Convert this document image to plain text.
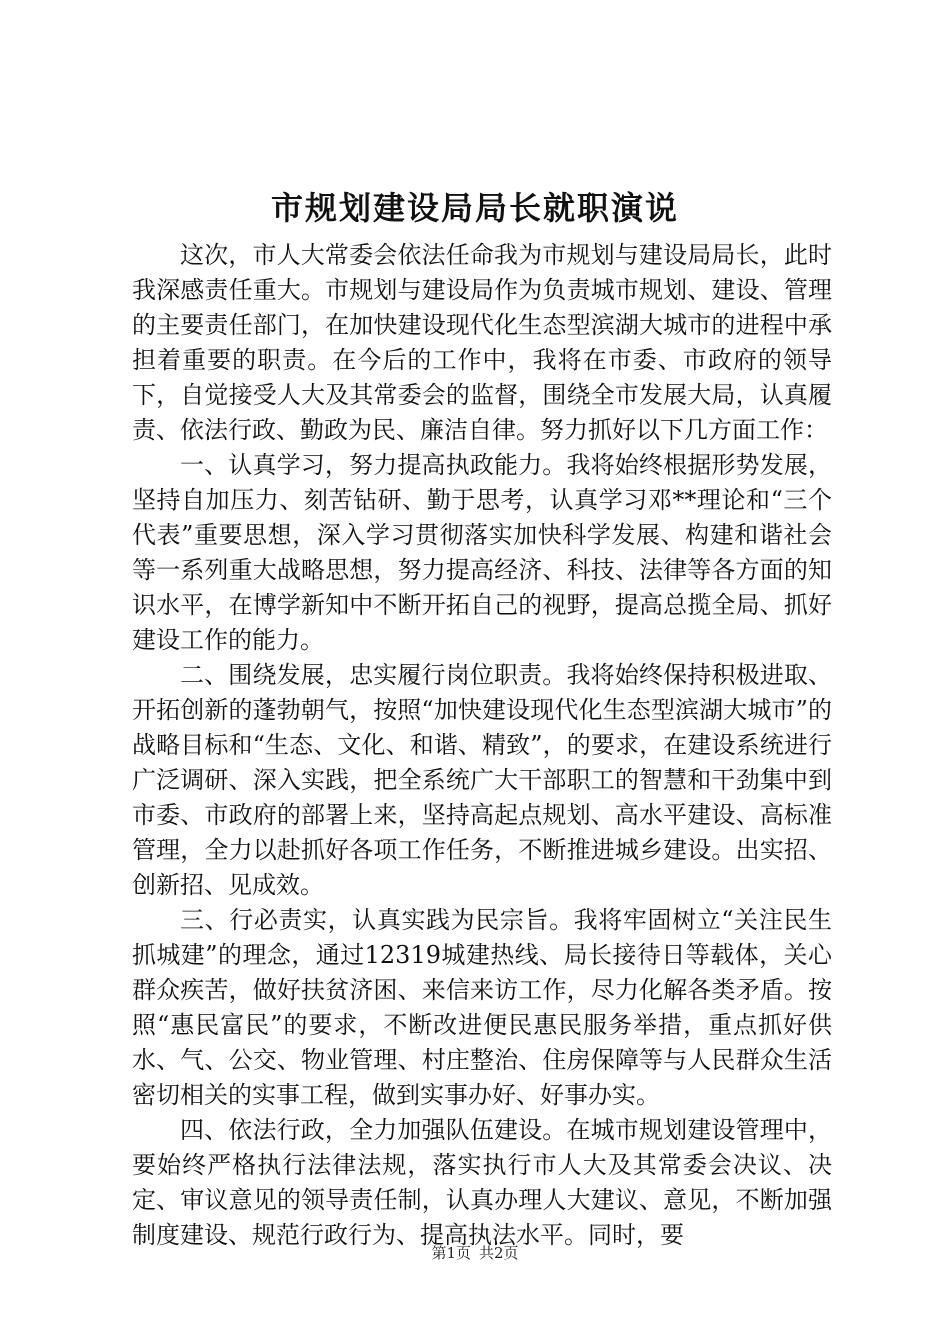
市规划建设局局长就职演说

这次，市人大常委会依法任命我为市规划与建设局局长，此时我深感责任重大。市规划与建设局作为负责城市规划、建设、管理的主要责任部门，在加快建设现代化生态型滨湖大城市的进程中承担着重要的职责。在今后的工作中，我将在市委、市政府的领导下，自觉接受人大及其常委会的监督，围绕全市发展大局，认真履责、依法行政、勤政为民、廉洁自律。努力抓好以下几方面工作：

一、认真学习，努力提高执政能力。我将始终根据形势发展，坚持自加压力、刻苦钻研、勤于思考，认真学习邓**理论和“三个代表”重要思想，深入学习贯彻落实加快科学发展、构建和谐社会等一系列重大战略思想，努力提高经济、科技、法律等各方面的知识水平，在博学新知中不断开拓自己的视野，提高总揽全局、抓好建设工作的能力。

二、围绕发展，忠实履行岗位职责。我将始终保持积极进取、开拓创新的蓬勃朝气，按照“加快建设现代化生态型滨湖大城市”的战略目标和“生态、文化、和谐、精致”，的要求，在建设系统进行广泛调研、深入实践，把全系统广大干部职工的智慧和干劲集中到市委、市政府的部署上来，坚持高起点规划、高水平建设、高标准管理，全力以赴抓好各项工作任务，不断推进城乡建设。出实招、创新招、见成效。

三、行必责实，认真实践为民宗旨。我将牢固树立“关注民生抓城建”的理念，通过12319城建热线、局长接待日等载体，关心群众疾苦，做好扶贫济困、来信来访工作，尽力化解各类矛盾。按照“惠民富民”的要求，不断改进便民惠民服务举措，重点抓好供水、气、公交、物业管理、村庄整治、住房保障等与人民群众生活密切相关的实事工程，做到实事办好、好事办实。

四、依法行政，全力加强队伍建设。在城市规划建设管理中，要始终严格执行法律法规，落实执行市人大及其常委会决议、决定、审议意见的领导责任制，认真办理人大建议、意见，不断加强制度建设、规范行政行为、提高执法水平。同时，要

第1页 共2页
